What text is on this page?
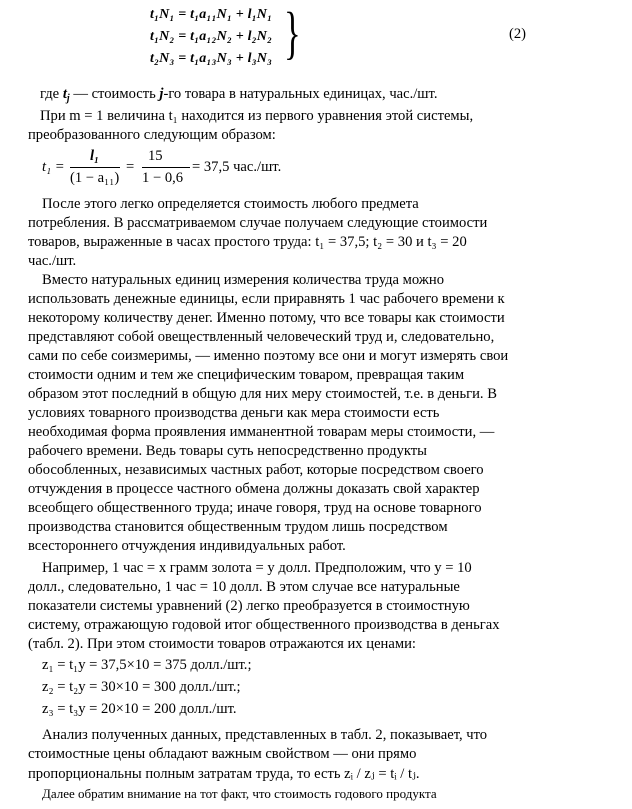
t₁N₁ = t₁a₁₁N₁ + l₁N₁
t₁N₂ = t₁a₁₂N₂ + l₂N₂
t₂N₃ = t₁a₁₃N₃ + l₃N₃ }	(2)
где $t_j$ — стоимость j-го товара в натуральных единицах, час./шт.
При m = 1 величина t₁ находится из первого уравнения этой системы,
преобразованного следующим образом:
t₁ =
l₁
(1 − a₁₁)
=
15
1 − 0,6
= 37,5 час./шт.
После этого легко определяется стоимость любого предмета
потребления. В рассматриваемом случае получаем следующие стоимости
товаров, выраженные в часах простого труда: t₁ = 37,5; t₂ = 30 и t₃ = 20
час./шт.
Вместо натуральных единиц измерения количества труда можно
использовать денежные единицы, если приравнять 1 час рабочего времени к
некоторому количеству денег. Именно потому, что все товары как стоимости
представляют собой овеществленный человеческий труд и, следовательно,
сами по себе соизмеримы, — именно поэтому все они и могут измерять свои
стоимости одним и тем же специфическим товаром, превращая таким
образом этот последний в общую для них меру стоимостей, т.е. в деньги. В
условиях товарного производства деньги как мера стоимости есть
необходимая форма проявления имманентной товарам меры стоимости, —
рабочего времени. Ведь товары суть непосредственно продукты
обособленных, независимых частных работ, которые посредством своего
отчуждения в процессе частного обмена должны доказать свой характер
всеобщего общественного труда; иначе говоря, труд на основе товарного
производства становится общественным трудом лишь посредством
всестороннего отчуждения индивидуальных работ.
Например, 1 час = x грамм золота = y долл. Предположим, что y = 10
долл., следовательно, 1 час = 10 долл. В этом случае все натуральные
показатели системы уравнений (2) легко преобразуется в стоимостную
систему, отражающую годовой итог общественного производства в деньгах
(табл. 2). При этом стоимости товаров отражаются их ценами:
z₁ = t₁y = 37,5×10 = 375 долл./шт.;
z₂ = t₂y = 30×10 = 300 долл./шт.;
z₃ = t₃y = 20×10 = 200 долл./шт.
Анализ полученных данных, представленных в табл. 2, показывает, что
стоимостные цены обладают важным свойством — они прямо
пропорциональны полным затратам труда, то есть zᵢ / zⱼ = tᵢ / tⱼ.
Далее обратим внимание на тот факт, что стоимость годового продукта
